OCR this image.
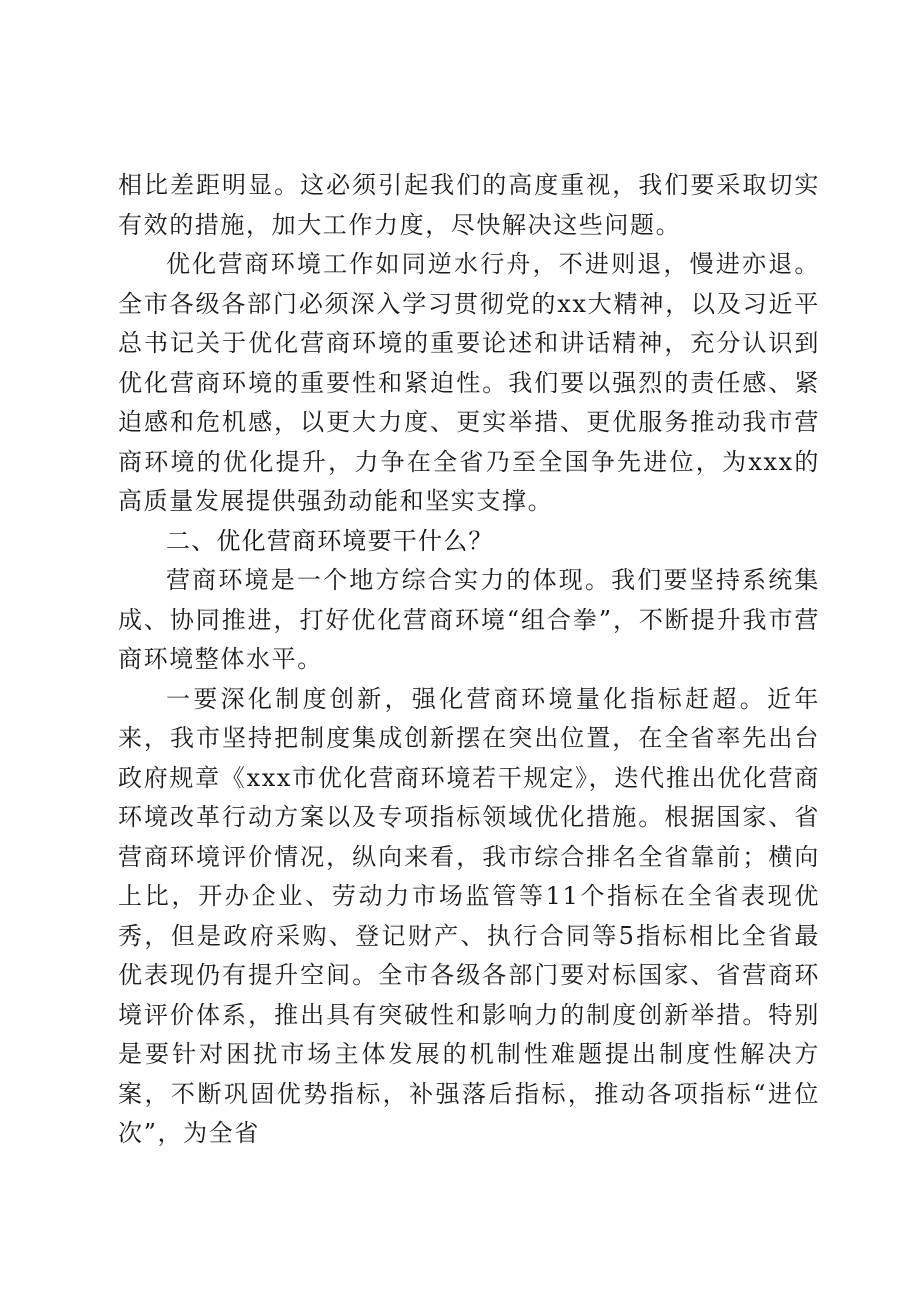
相比差距明显。这必须引起我们的高度重视，我们要采取切实有效的措施，加大工作力度，尽快解决这些问题。

优化营商环境工作如同逆水行舟，不进则退，慢进亦退。全市各级各部门必须深入学习贯彻党的xx大精神，以及习近平总书记关于优化营商环境的重要论述和讲话精神，充分认识到优化营商环境的重要性和紧迫性。我们要以强烈的责任感、紧迫感和危机感，以更大力度、更实举措、更优服务推动我市营商环境的优化提升，力争在全省乃至全国争先进位，为xxx的高质量发展提供强劲动能和坚实支撑。

二、优化营商环境要干什么？

营商环境是一个地方综合实力的体现。我们要坚持系统集成、协同推进，打好优化营商环境“组合拳”，不断提升我市营商环境整体水平。

一要深化制度创新，强化营商环境量化指标赶超。近年来，我市坚持把制度集成创新摆在突出位置，在全省率先出台政府规章《xxx市优化营商环境若干规定》，迭代推出优化营商环境改革行动方案以及专项指标领域优化措施。根据国家、省营商环境评价情况，纵向来看，我市综合排名全省靠前；横向上比，开办企业、劳动力市场监管等11个指标在全省表现优秀，但是政府采购、登记财产、执行合同等5指标相比全省最优表现仍有提升空间。全市各级各部门要对标国家、省营商环境评价体系，推出具有突破性和影响力的制度创新举措。特别是要针对困扰市场主体发展的机制性难题提出制度性解决方案，不断巩固优势指标，补强落后指标，推动各项指标“进位次”，为全省
